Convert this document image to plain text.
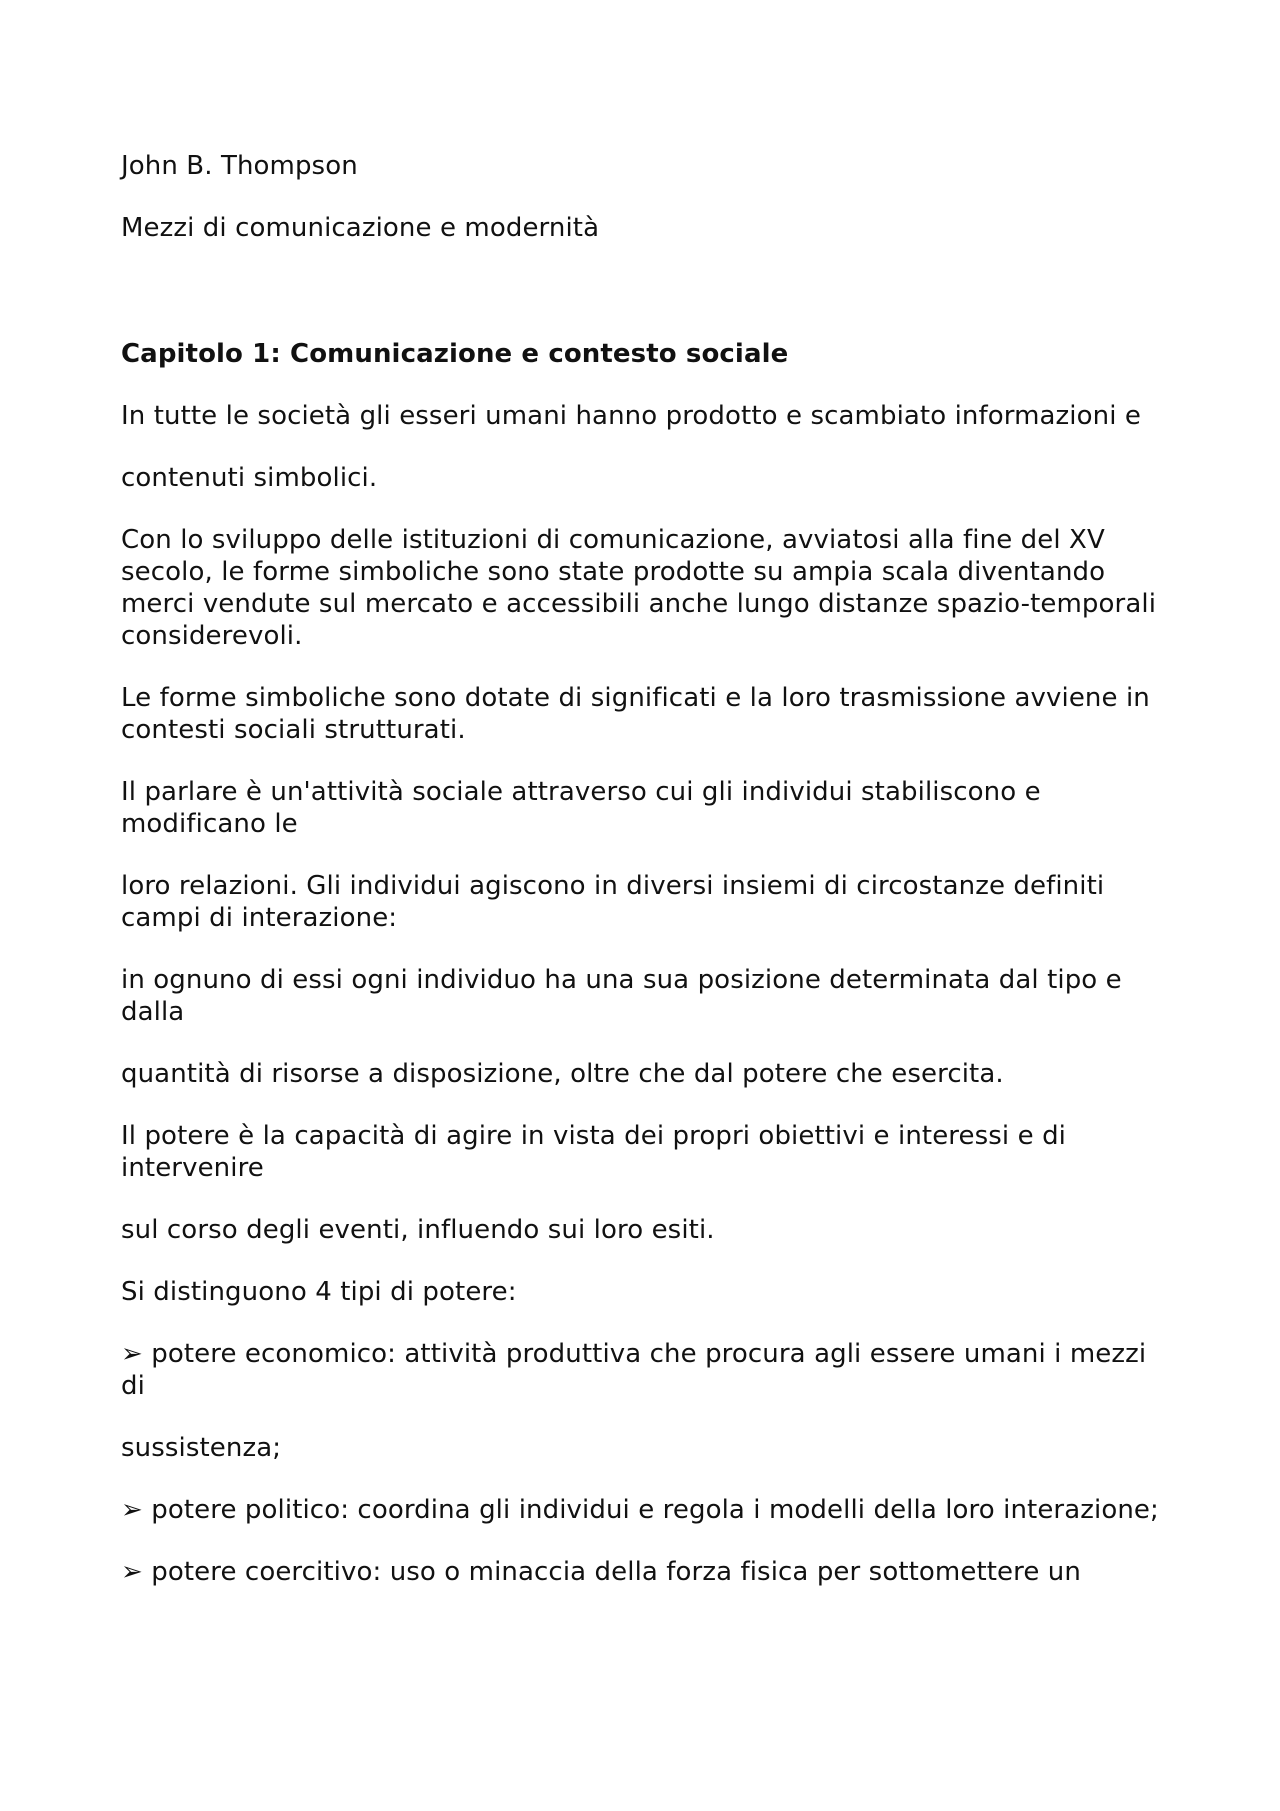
John B. Thompson

Mezzi di comunicazione e modernità

Capitolo 1: Comunicazione e contesto sociale

In tutte le società gli esseri umani hanno prodotto e scambiato informazioni e

contenuti simbolici.

Con lo sviluppo delle istituzioni di comunicazione, avviatosi alla fine del XV secolo, le forme simboliche sono state prodotte su ampia scala diventando merci vendute sul mercato e accessibili anche lungo distanze spazio-temporali considerevoli.

Le forme simboliche sono dotate di significati e la loro trasmissione avviene in contesti sociali strutturati.

Il parlare è un'attività sociale attraverso cui gli individui stabiliscono e modificano le

loro relazioni. Gli individui agiscono in diversi insiemi di circostanze definiti campi di interazione:

in ognuno di essi ogni individuo ha una sua posizione determinata dal tipo e dalla

quantità di risorse a disposizione, oltre che dal potere che esercita.

Il potere è la capacità di agire in vista dei propri obiettivi e interessi e di intervenire

sul corso degli eventi, influendo sui loro esiti.

Si distinguono 4 tipi di potere:

➢ potere economico: attività produttiva che procura agli essere umani i mezzi di

sussistenza;

➢ potere politico: coordina gli individui e regola i modelli della loro interazione;

➢ potere coercitivo: uso o minaccia della forza fisica per sottomettere un
